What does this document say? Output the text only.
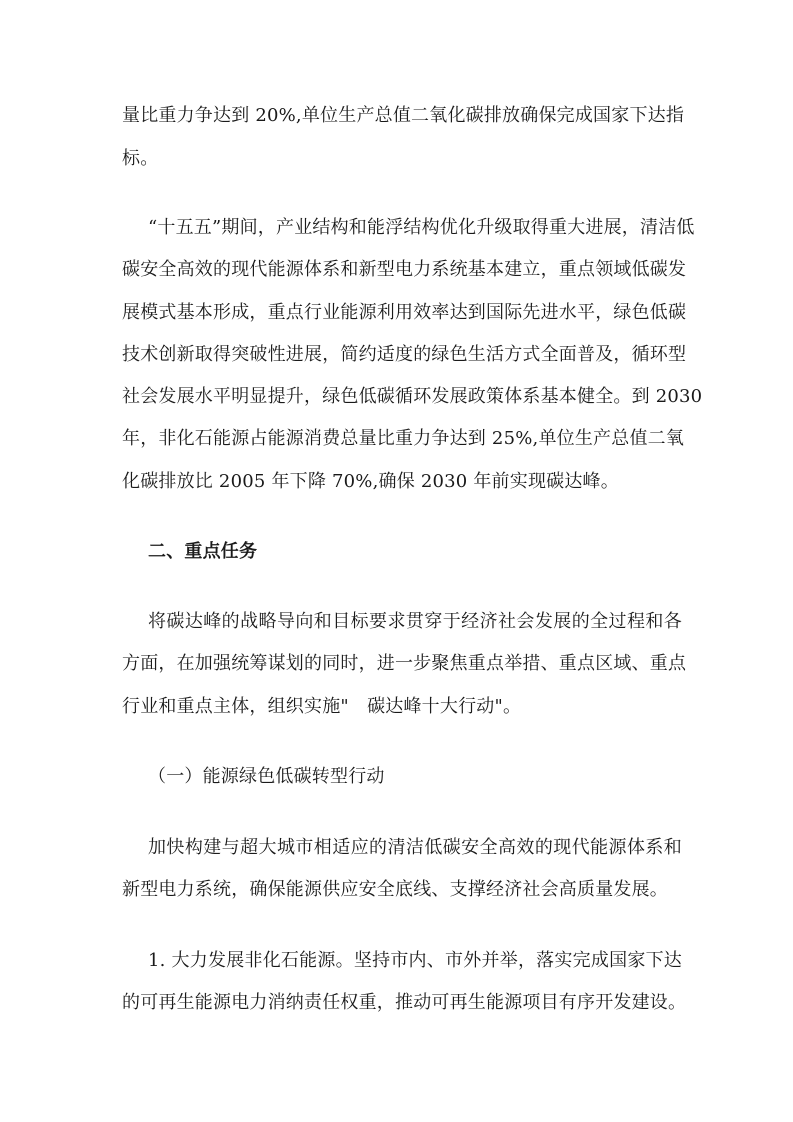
量比重力争达到 20%,单位生产总值二氧化碳排放确保完成国家下达指
标。
“十五五”期间，产业结构和能浮结构优化升级取得重大进展，清洁低
碳安全高效的现代能源体系和新型电力系统基本建立，重点领域低碳发
展模式基本形成，重点行业能源利用效率达到国际先进水平，绿色低碳
技术创新取得突破性进展，简约适度的绿色生活方式全面普及，循环型
社会发展水平明显提升，绿色低碳循环发展政策体系基本健全。到 2030
年，非化石能源占能源消费总量比重力争达到 25%,单位生产总值二氧
化碳排放比 2005 年下降 70%,确保 2030 年前实现碳达峰。
二、重点任务
将碳达峰的战略导向和目标要求贯穿于经济社会发展的全过程和各
方面，在加强统筹谋划的同时，进一步聚焦重点举措、重点区域、重点
行业和重点主体，组织实施"　碳达峰十大行动"。
（一）能源绿色低碳转型行动
加快构建与超大城市相适应的清洁低碳安全高效的现代能源体系和
新型电力系统，确保能源供应安全底线、支撑经济社会高质量发展。
1. 大力发展非化石能源。坚持市内、市外并举，落实完成国家下达
的可再生能源电力消纳责任权重，推动可再生能源项目有序开发建设。
